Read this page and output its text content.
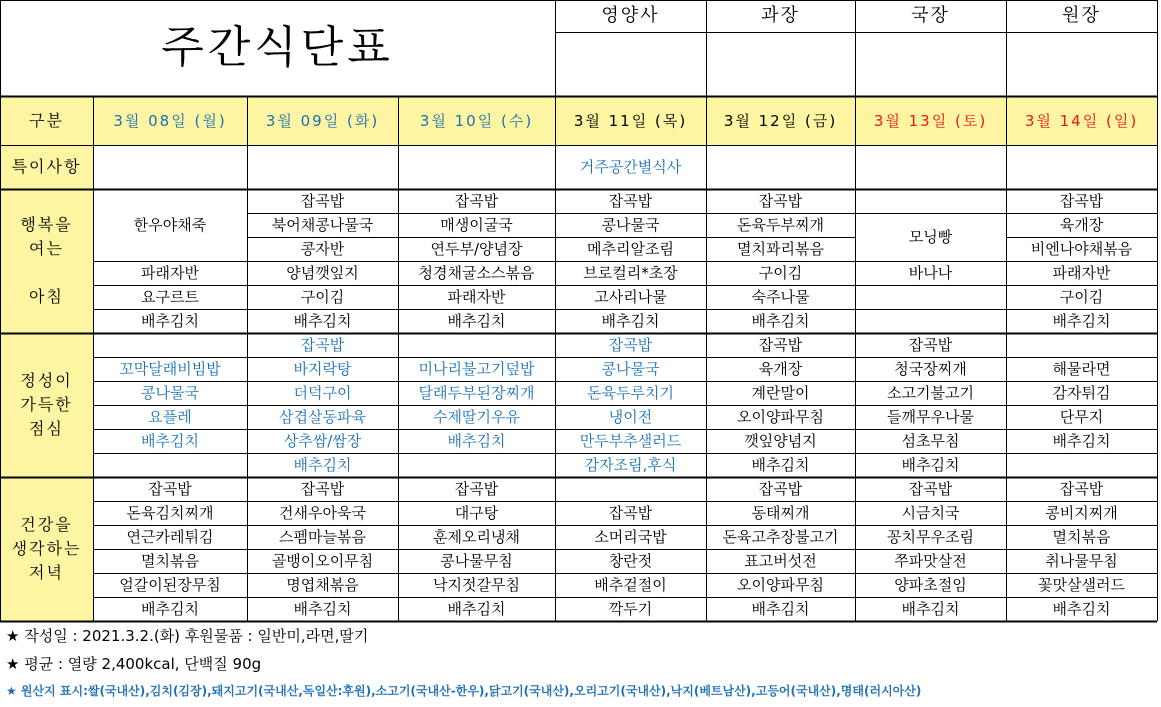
배추김치
배추김치
배추김치
깍두기
배추김치
배추김치
배추김치
꽃맛살샐러드
양파초절임
오이양파무침
배추겉절이
낙지젓갈무침
명엽채볶음
얼갈이된장무침
취나물무침
쭈파맛살전
표고버섯전
창란젓
콩나물무침
골뱅이오이무침
멸치볶음
멸치볶음
꽁치무우조림
돈육고추장불고기
소머리국밥
훈제오리냉채
스펨마늘볶음
연근카레튀김
콩비지찌개
시금치국
동태찌개
잡곡밥
대구탕
건새우아욱국
돈육김치찌개
잡곡밥
잡곡밥
잡곡밥
잡곡밥
잡곡밥
잡곡밥
건강을
생각하는
저녁
배추김치
배추김치
감자조림,후식
배추김치
배추김치
섬초무침
깻잎양념지
만두부추샐러드
배추김치
상추쌈/쌈장
배추김치
단무지
들깨무우나물
오이양파무침
냉이전
수제딸기우유
삼겹살동파육
요플레
감자튀김
소고기불고기
계란말이
돈육두루치기
달래두부된장찌개
더덕구이
콩나물국
해물라면
청국장찌개
육개장
콩나물국
미나리불고기덮밥
바지락탕
꼬막달래비빔밥
잡곡밥
잡곡밥
잡곡밥
잡곡밥
정성이
가득한
점심
배추김치
배추김치
배추김치
배추김치
배추김치
배추김치
구이김
숙주나물
고사리나물
파래자반
구이김
요구르트
파래자반
바나나
구이김
브로컬리*초장
청경채굴소스볶음
양념깻잎지
파래자반
비엔나야채볶음
멸치꽈리볶음
메추리알조림
연두부/양념장
콩자반
육개장
모닝빵
돈육두부찌개
콩나물국
매생이굴국
북어채콩나물국
잡곡밥
잡곡밥
잡곡밥
잡곡밥
잡곡밥
한우야채죽
행복을
여는

아침
거주공간별식사
특이사항
3월 14일 (일)
3월 13일 (토)
3월 12일 (금)
3월 11일 (목)
3월 10일 (수)
3월 09일 (화)
3월 08일 (월)
구분
원장
국장
과장
영양사
주간식단표
★ 작성일 : 2021.3.2.(화) 후원물품 : 일반미,라면,딸기
★ 평균 : 열량 2,400kcal, 단백질 90g
★ 원산지 표시:쌀(국내산),김치(김장),돼지고기(국내산,독일산:후원),소고기(국내산-한우),닭고기(국내산),오리고기(국내산),낙지(베트남산),고등어(국내산),명태(러시아산)
